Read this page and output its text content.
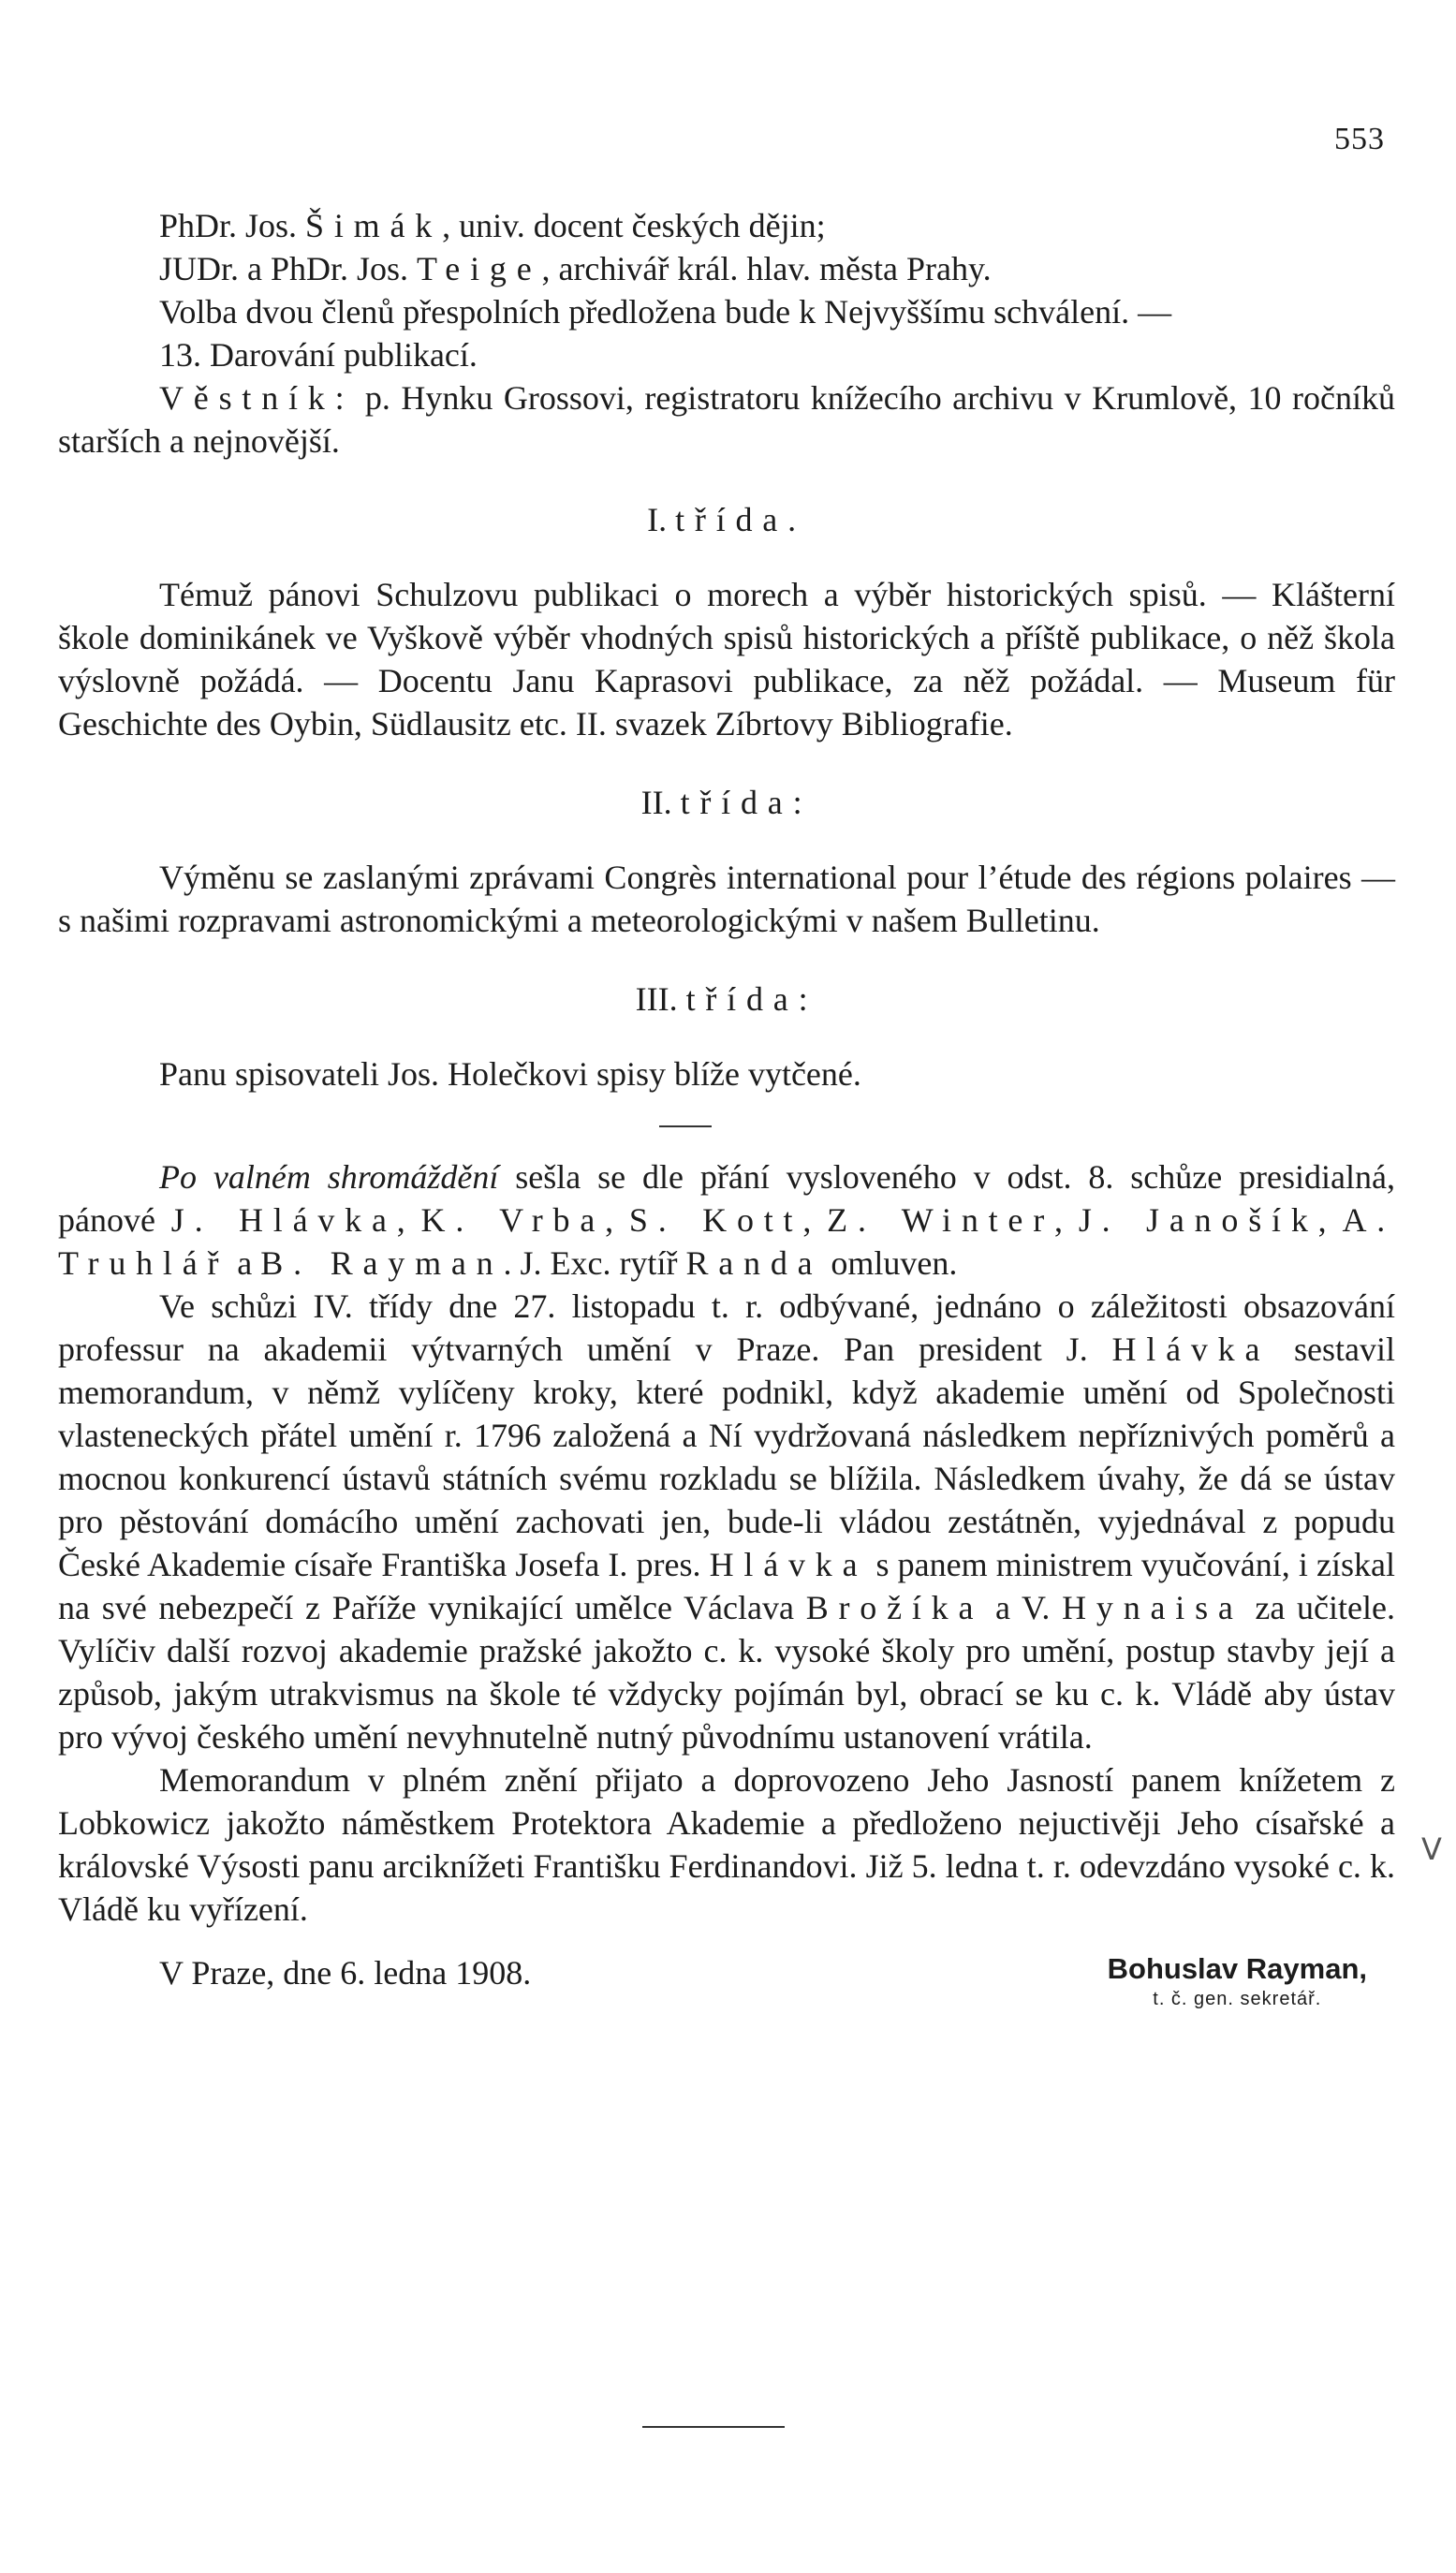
553

PhDr. Jos. Šimák, univ. docent českých dějin;

JUDr. a PhDr. Jos. Teige, archivář král. hlav. města Prahy.

Volba dvou členů přespolních předložena bude k Nejvyššímu schválení. —

13. Darování publikací.

Věstník: p. Hynku Grossovi, registratoru knížecího archivu v Krumlově, 10 ročníků starších a nejnovější.

I. třída.

Témuž pánovi Schulzovu publikaci o morech a výběr historických spisů. — Klášterní škole dominikánek ve Vyškově výběr vhodných spisů historických a příště publikace, o něž škola výslovně požádá. — Docentu Janu Kaprasovi publikace, za něž požádal. — Museum für Geschichte des Oybin, Südlausitz etc. II. svazek Zíbrtovy Bibliografie.

II. třída:

Výměnu se zaslanými zprávami Congrès international pour l’étude des régions polaires — s našimi rozpravami astronomickými a meteorologickými v našem Bulletinu.

III. třída:

Panu spisovateli Jos. Holečkovi spisy blíže vytčené.

Po valném shromáždění sešla se dle přání vysloveného v odst. 8. schůze presidialná, pánové J. Hlávka, K. Vrba, S. Kott, Z. Winter, J. Janošík, A. Truhlář a B. Rayman. J. Exc. rytíř Randa omluven.

Ve schůzi IV. třídy dne 27. listopadu t. r. odbývané, jednáno o záležitosti obsazování professur na akademii výtvarných umění v Praze. Pan president J. Hlávka sestavil memorandum, v němž vylíčeny kroky, které podnikl, když akademie umění od Společnosti vlasteneckých přátel umění r. 1796 založená a Ní vydržovaná následkem nepříznivých poměrů a mocnou konkurencí ústavů státních svému rozkladu se blížila. Následkem úvahy, že dá se ústav pro pěstování domácího umění zachovati jen, bude-li vládou zestátněn, vyjednával z popudu České Akademie císaře Františka Josefa I. pres. Hlávka s panem ministrem vyučování, i získal na své nebezpečí z Paříže vynikající umělce Václava Brožíka a V. Hynaisa za učitele. Vylíčiv další rozvoj akademie pražské jakožto c. k. vysoké školy pro umění, postup stavby její a způsob, jakým utrakvismus na škole té vždycky pojímán byl, obrací se ku c. k. Vládě aby ústav pro vývoj českého umění nevyhnutelně nutný původnímu ustanovení vrátila.

Memorandum v plném znění přijato a doprovozeno Jeho Jasností panem knížetem z Lobkowicz jakožto náměstkem Protektora Akademie a předloženo nejuctivěji Jeho císařské a královské Výsosti panu arciknížeti Františku Ferdinandovi. Již 5. ledna t. r. odevzdáno vysoké c. k. Vládě ku vyřízení.

V Praze, dne 6. ledna 1908.	Bohuslav Rayman,
t. č. gen. sekretář.
V
